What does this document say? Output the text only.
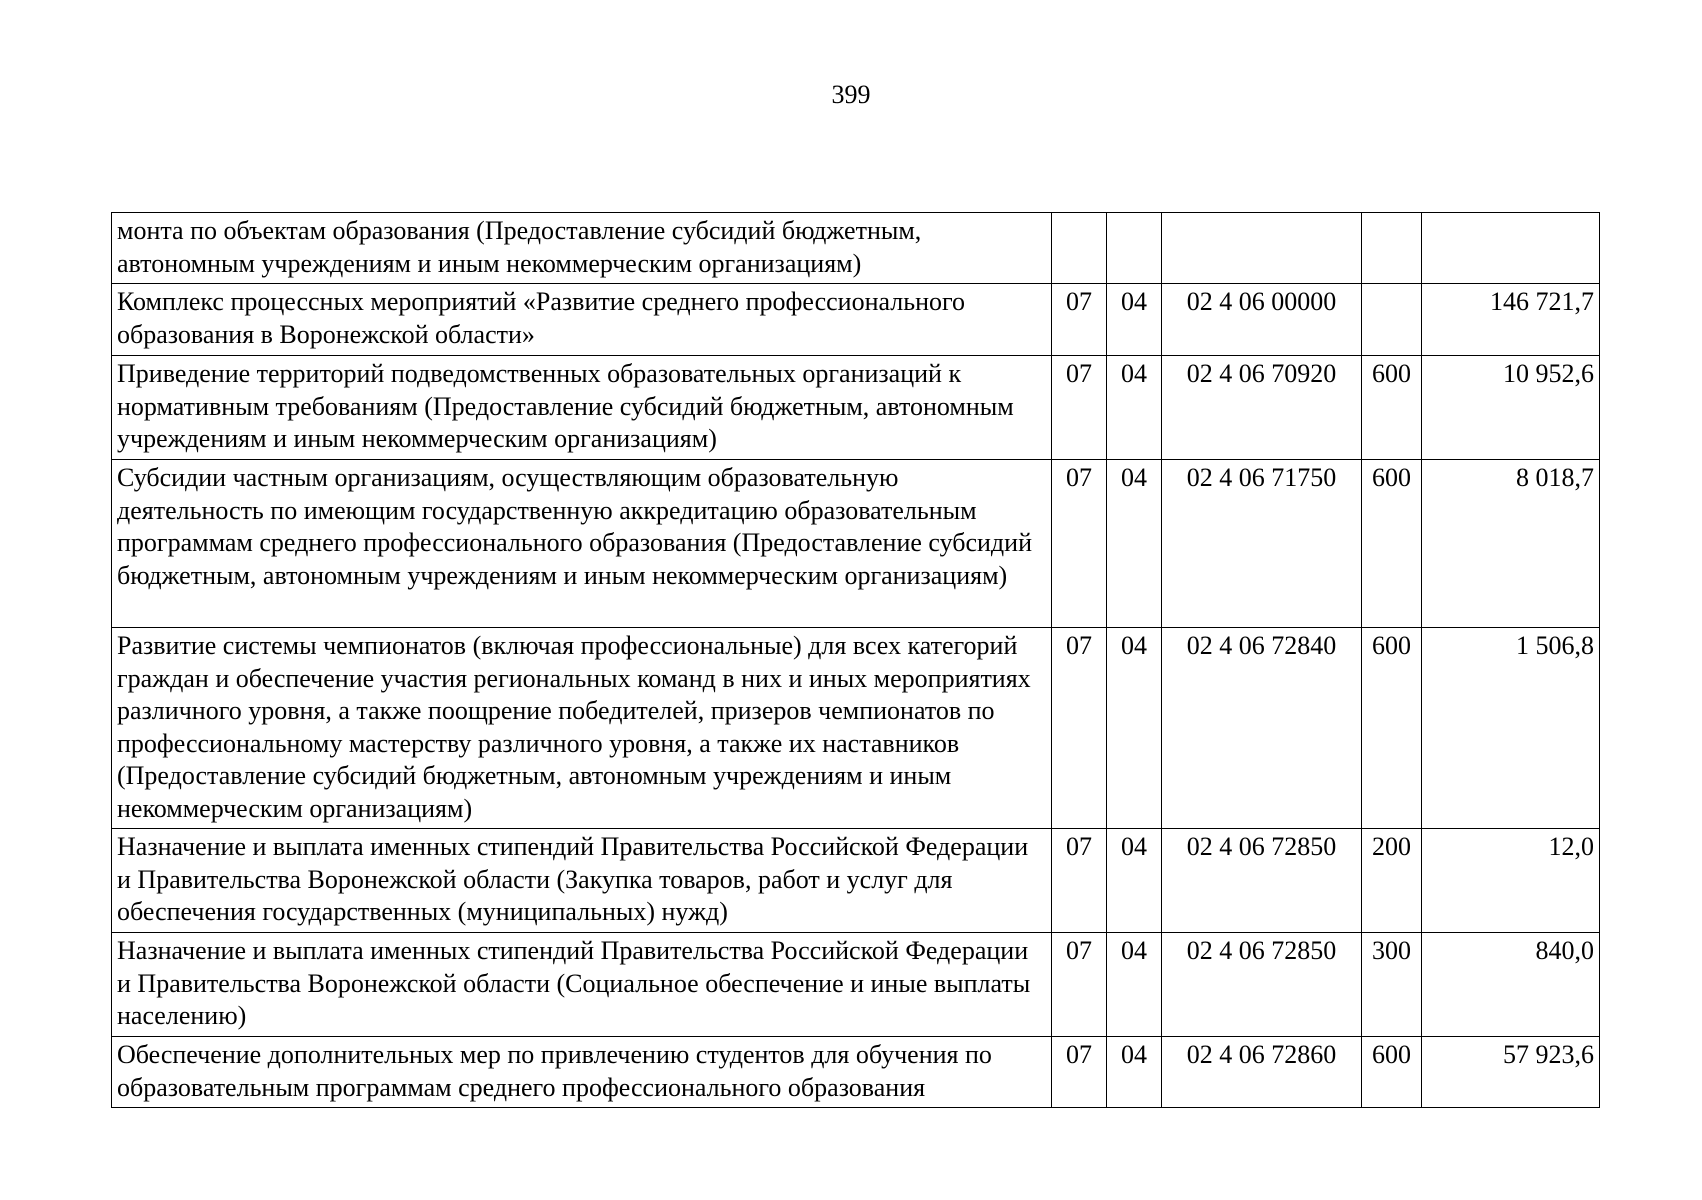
399
монта по объектам образования (Предоставление субсидий бюджетным, автономным учреждениям и иным некоммерческим организациям)					
Комплекс процессных мероприятий «Развитие среднего профессионального образования в Воронежской области»	07	04	02 4 06 00000		146 721,7
Приведение территорий подведомственных образовательных организаций к нормативным требованиям (Предоставление субсидий бюджетным, автономным учреждениям и иным некоммерческим организациям)	07	04	02 4 06 70920	600	10 952,6
Субсидии частным организациям, осуществляющим образовательную деятельность по имеющим государственную аккредитацию образовательным программам среднего профессионального образования (Предоставление субсидий бюджетным, автономным учреждениям и иным некоммерческим организациям)	07	04	02 4 06 71750	600	8 018,7
Развитие системы чемпионатов (включая профессиональные) для всех категорий граждан и обеспечение участия региональных команд в них и иных мероприятиях различного уровня, а также поощрение победителей, призеров чемпионатов по профессиональному мастерству различного уровня, а также их наставников (Предоставление субсидий бюджетным, автономным учреждениям и иным некоммерческим организациям)	07	04	02 4 06 72840	600	1 506,8
Назначение и выплата именных стипендий Правительства Российской Федерации и Правительства Воронежской области (Закупка товаров, работ и услуг для обеспечения государственных (муниципальных) нужд)	07	04	02 4 06 72850	200	12,0
Назначение и выплата именных стипендий Правительства Российской Федерации и Правительства Воронежской области (Социальное обеспечение и иные выплаты населению)	07	04	02 4 06 72850	300	840,0
Обеспечение дополнительных мер по привлечению студентов для обучения по образовательным программам среднего профессионального образования	07	04	02 4 06 72860	600	57 923,6
